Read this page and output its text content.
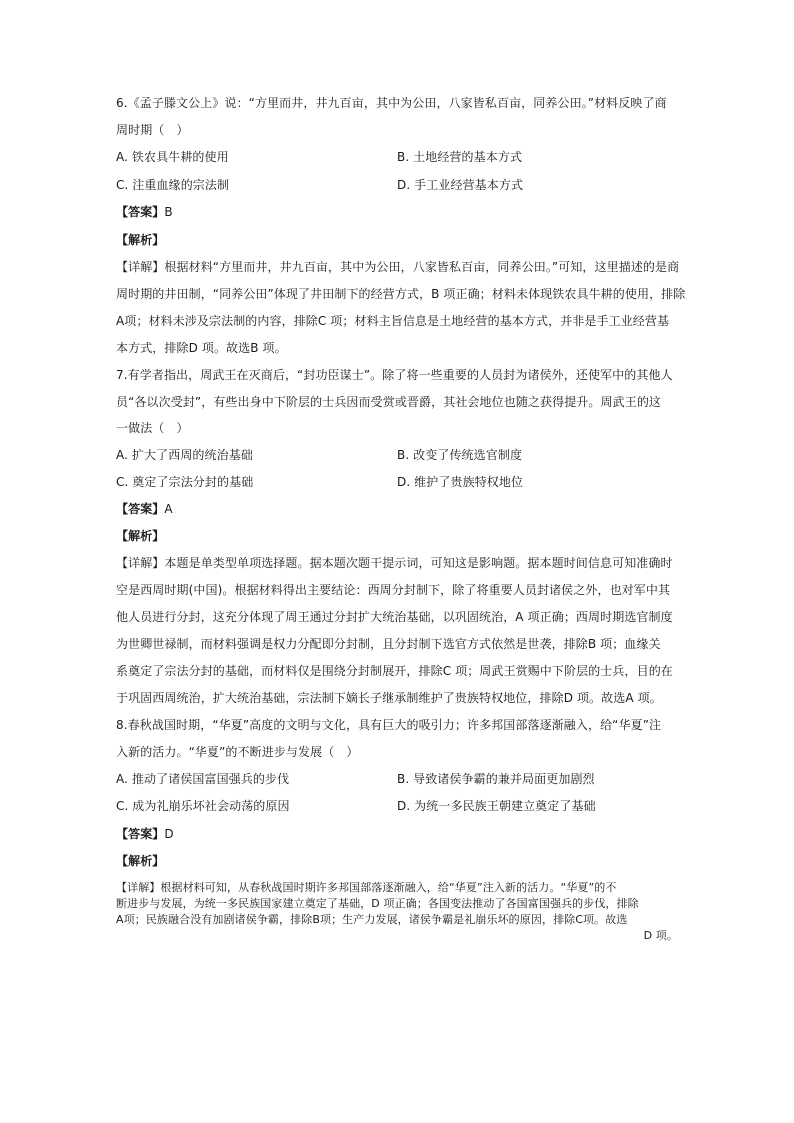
6.《孟子滕文公上》说：“方里而井，井九百亩，其中为公田，八家皆私百亩，同养公田。”材料反映了商
周时期（　）
A. 铁农具牛耕的使用	B. 土地经营的基本方式
C. 注重血缘的宗法制	D. 手工业经营基本方式
【答案】B
【解析】
【详解】根据材料“方里而井，井九百亩，其中为公田，八家皆私百亩，同养公田。”可知，这里描述的是商
周时期的井田制，“同养公田”体现了井田制下的经营方式，B 项正确；材料未体现铁农具牛耕的使用，排除
A项；材料未涉及宗法制的内容，排除C 项；材料主旨信息是土地经营的基本方式，并非是手工业经营基
本方式，排除D 项。故选B 项。
7.有学者指出，周武王在灭商后，“封功臣谋士”。除了将一些重要的人员封为诸侯外，还使军中的其他人
员“各以次受封”，有些出身中下阶层的士兵因而受赏或晋爵，其社会地位也随之获得提升。周武王的这
一做法（　）
A. 扩大了西周的统治基础	B. 改变了传统选官制度
C. 奠定了宗法分封的基础	D. 维护了贵族特权地位
【答案】A
【解析】
【详解】本题是单类型单项选择题。据本题次题干提示词，可知这是影响题。据本题时间信息可知准确时
空是西周时期(中国)。根据材料得出主要结论：西周分封制下，除了将重要人员封诸侯之外，也对军中其
他人员进行分封，这充分体现了周王通过分封扩大统治基础，以巩固统治，A 项正确；西周时期选官制度
为世卿世禄制，而材料强调是权力分配即分封制，且分封制下选官方式依然是世袭，排除B 项；血缘关
系奠定了宗法分封的基础，而材料仅是围绕分封制展开，排除C 项；周武王赏赐中下阶层的士兵，目的在
于巩固西周统治，扩大统治基础，宗法制下嫡长子继承制维护了贵族特权地位，排除D 项。故选A 项。
8.春秋战国时期，“华夏”高度的文明与文化，具有巨大的吸引力；许多邦国部落逐渐融入，给“华夏”注
入新的活力。“华夏”的不断进步与发展（　）
A. 推动了诸侯国富国强兵的步伐	B. 导致诸侯争霸的兼并局面更加剧烈
C. 成为礼崩乐坏社会动荡的原因	D. 为统一多民族王朝建立奠定了基础
【答案】D
【解析】
【详解】根据材料可知，从春秋战国时期许多邦国部落逐渐融入，给“华夏”注入新的活力。“华夏”的不
断进步与发展，为统一多民族国家建立奠定了基础，D 项正确；各国变法推动了各国富国强兵的步伐，排除
A项；民族融合没有加剧诸侯争霸，排除B项；生产力发展，诸侯争霸是礼崩乐坏的原因，排除C项。故选
D 项。
